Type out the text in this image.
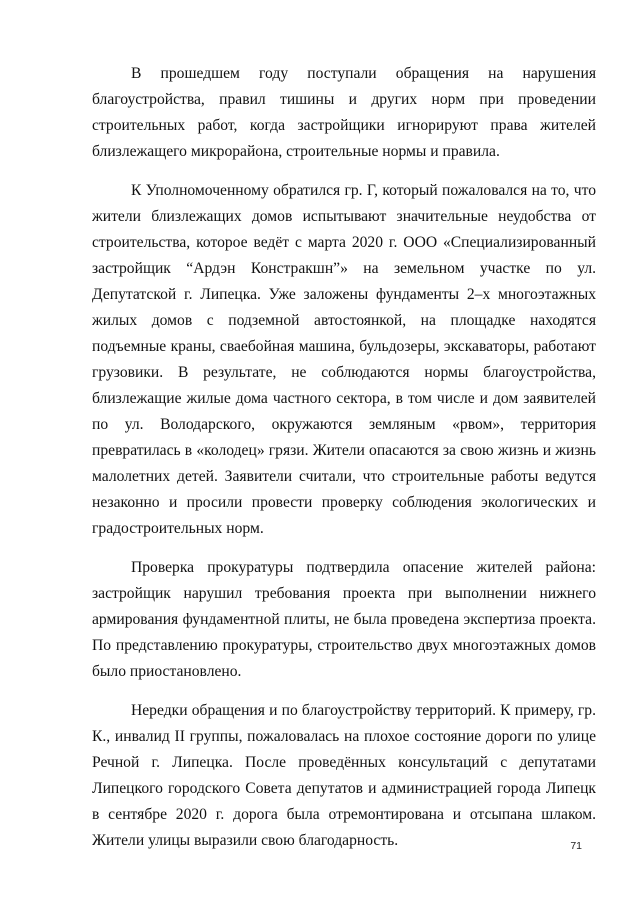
В прошедшем году поступали обращения на нарушения благоустройства, правил тишины и других норм при проведении строительных работ, когда застройщики игнорируют права жителей близлежащего микрорайона, строительные нормы и правила.

К Уполномоченному обратился гр. Г, который пожаловался на то, что жители близлежащих домов испытывают значительные неудобства от строительства, которое ведёт с марта 2020 г. ООО «Специализированный застройщик “Ардэн Констракшн”» на земельном участке по ул. Депутатской г. Липецка. Уже заложены фундаменты 2–х многоэтажных жилых домов с подземной автостоянкой, на площадке находятся подъемные краны, сваебойная машина, бульдозеры, экскаваторы, работают грузовики. В результате, не соблюдаются нормы благоустройства, близлежащие жилые дома частного сектора, в том числе и дом заявителей по ул. Володарского, окружаются земляным «рвом», территория превратилась в «колодец» грязи. Жители опасаются за свою жизнь и жизнь малолетних детей. Заявители считали, что строительные работы ведутся незаконно и просили провести проверку соблюдения экологических и градостроительных норм.

Проверка прокуратуры подтвердила опасение жителей района: застройщик нарушил требования проекта при выполнении нижнего армирования фундаментной плиты, не была проведена экспертиза проекта. По представлению прокуратуры, строительство двух многоэтажных домов было приостановлено.

Нередки обращения и по благоустройству территорий. К примеру, гр. К., инвалид II группы, пожаловалась на плохое состояние дороги по улице Речной г. Липецка. После проведённых консультаций с депутатами Липецкого городского Совета депутатов и администрацией города Липецк в сентябре 2020 г. дорога была отремонтирована и отсыпана шлаком. Жители улицы выразили свою благодарность.	71
